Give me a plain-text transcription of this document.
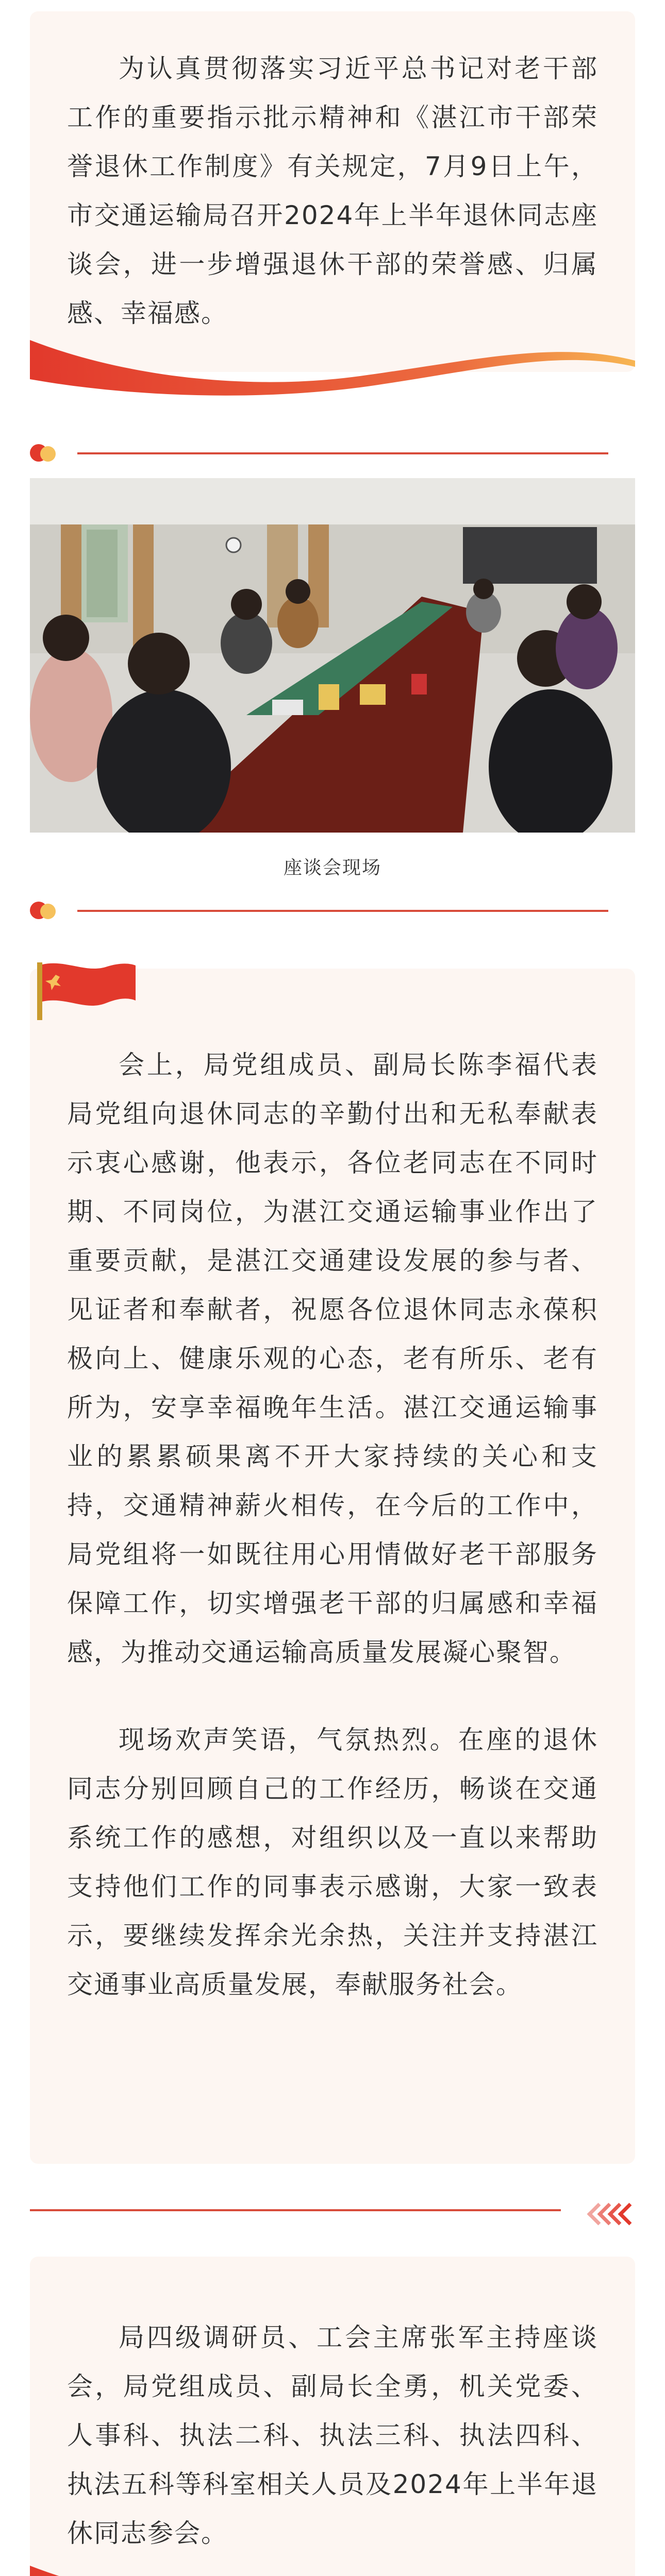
为认真贯彻落实习近平总书记对老干部工作的重要指示批示精神和《湛江市干部荣誉退休工作制度》有关规定，7月9日上午，市交通运输局召开2024年上半年退休同志座谈会，进一步增强退休干部的荣誉感、归属感、幸福感。

座谈会现场

会上，局党组成员、副局长陈李福代表局党组向退休同志的辛勤付出和无私奉献表示衷心感谢，他表示，各位老同志在不同时期、不同岗位，为湛江交通运输事业作出了重要贡献，是湛江交通建设发展的参与者、见证者和奉献者，祝愿各位退休同志永葆积极向上、健康乐观的心态，老有所乐、老有所为，安享幸福晚年生活。湛江交通运输事业的累累硕果离不开大家持续的关心和支持，交通精神薪火相传，在今后的工作中，局党组将一如既往用心用情做好老干部服务保障工作，切实增强老干部的归属感和幸福感，为推动交通运输高质量发展凝心聚智。

现场欢声笑语，气氛热烈。在座的退休同志分别回顾自己的工作经历，畅谈在交通系统工作的感想，对组织以及一直以来帮助支持他们工作的同事表示感谢，大家一致表示，要继续发挥余光余热，关注并支持湛江交通事业高质量发展，奉献服务社会。

局四级调研员、工会主席张军主持座谈会，局党组成员、副局长全勇，机关党委、人事科、执法二科、执法三科、执法四科、执法五科等科室相关人员及2024年上半年退休同志参会。
